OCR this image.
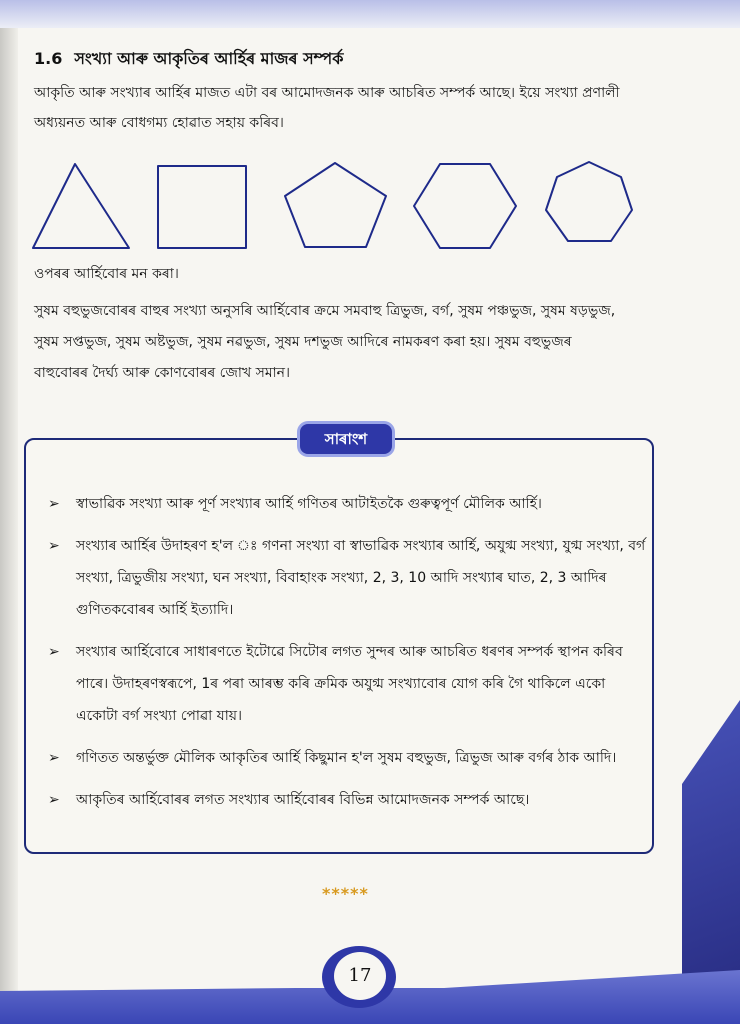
1.6 সংখ্যা আৰু আকৃতিৰ আৰ্হিৰ মাজৰ সম্পৰ্ক
আকৃতি আৰু সংখ্যাৰ আৰ্হিৰ মাজত এটা বৰ আমোদজনক আৰু আচৰিত সম্পৰ্ক আছে। ইয়ে সংখ্যা প্ৰণালী
অধ্যয়নত আৰু বোধগম্য হোৱাত সহায় কৰিব।
ওপৰৰ আৰ্হিবোৰ মন কৰা।
সুষম বহুভুজবোৰৰ বাহুৰ সংখ্যা অনুসৰি আৰ্হিবোৰ ক্ৰমে সমবাহু ত্ৰিভুজ, বৰ্গ, সুষম পঞ্চভুজ, সুষম ষড়ভুজ,
সুষম সপ্তভুজ, সুষম অষ্টভুজ, সুষম নৱভুজ, সুষম দশভুজ আদিৰে নামকৰণ কৰা হয়। সুষম বহুভুজৰ
বাহুবোৰৰ দৈৰ্ঘ্য আৰু কোণবোৰৰ জোখ সমান।
সাৰাংশ
➢ স্বাভাৱিক সংখ্যা আৰু পূৰ্ণ সংখ্যাৰ আৰ্হি গণিতৰ আটাইতকৈ গুৰুত্বপূৰ্ণ মৌলিক আৰ্হি।
➢ সংখ্যাৰ আৰ্হিৰ উদাহৰণ হ'ল ঃ গণনা সংখ্যা বা স্বাভাৱিক সংখ্যাৰ আৰ্হি, অযুগ্ম সংখ্যা, যুগ্ম সংখ্যা, বৰ্গ সংখ্যা, ত্ৰিভুজীয় সংখ্যা, ঘন সংখ্যা, বিবাহাংক সংখ্যা, 2, 3, 10 আদি সংখ্যাৰ ঘাত, 2, 3 আদিৰ গুণিতকবোৰৰ আৰ্হি ইত্যাদি।
➢ সংখ্যাৰ আৰ্হিবোৰে সাধাৰণতে ইটোৱে সিটোৰ লগত সুন্দৰ আৰু আচৰিত ধৰণৰ সম্পৰ্ক স্থাপন কৰিব পাৰে। উদাহৰণস্বৰূপে, 1ৰ পৰা আৰম্ভ কৰি ক্ৰমিক অযুগ্ম সংখ্যাবোৰ যোগ কৰি গৈ থাকিলে একো একোটা বৰ্গ সংখ্যা পোৱা যায়।
➢ গণিতত অন্তৰ্ভুক্ত মৌলিক আকৃতিৰ আৰ্হি কিছুমান হ'ল সুষম বহুভুজ, ত্ৰিভুজ আৰু বৰ্গৰ ঠাক আদি।
➢ আকৃতিৰ আৰ্হিবোৰৰ লগত সংখ্যাৰ আৰ্হিবোৰৰ বিভিন্ন আমোদজনক সম্পৰ্ক আছে।
*****
17
